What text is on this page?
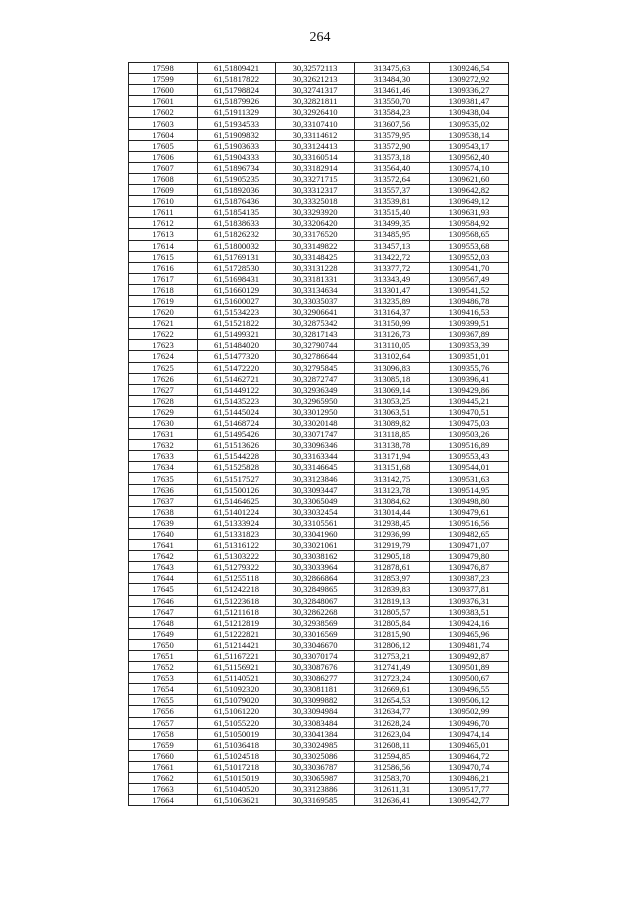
264
17598	61,51809421	30,32572113	313475,63	1309246,54
17599	61,51817822	30,32621213	313484,30	1309272,92
17600	61,51798824	30,32741317	313461,46	1309336,27
17601	61,51879926	30,32821811	313550,70	1309381,47
17602	61,51911329	30,32926410	313584,23	1309438,04
17603	61,51934533	30,33107410	313607,56	1309535,02
17604	61,51909832	30,33114612	313579,95	1309538,14
17605	61,51903633	30,33124413	313572,90	1309543,17
17606	61,51904333	30,33160514	313573,18	1309562,40
17607	61,51896734	30,33182914	313564,40	1309574,10
17608	61,51905235	30,33271715	313572,64	1309621,60
17609	61,51892036	30,33312317	313557,37	1309642,82
17610	61,51876436	30,33325018	313539,81	1309649,12
17611	61,51854135	30,33293920	313515,40	1309631,93
17612	61,51838633	30,33206420	313499,35	1309584,92
17613	61,51826232	30,33176520	313485,95	1309568,65
17614	61,51800032	30,33149822	313457,13	1309553,68
17615	61,51769131	30,33148425	313422,72	1309552,03
17616	61,51728530	30,33131228	313377,72	1309541,70
17617	61,51698431	30,33181331	313343,49	1309567,49
17618	61,51660129	30,33134634	313301,47	1309541,52
17619	61,51600027	30,33035037	313235,89	1309486,78
17620	61,51534223	30,32906641	313164,37	1309416,53
17621	61,51521822	30,32875342	313150,99	1309399,51
17622	61,51499321	30,32817143	313126,73	1309367,89
17623	61,51484020	30,32790744	313110,05	1309353,39
17624	61,51477320	30,32786644	313102,64	1309351,01
17625	61,51472220	30,32795845	313096,83	1309355,76
17626	61,51462721	30,32872747	313085,18	1309396,41
17627	61,51449122	30,32936349	313069,14	1309429,86
17628	61,51435223	30,32965950	313053,25	1309445,21
17629	61,51445024	30,33012950	313063,51	1309470,51
17630	61,51468724	30,33020148	313089,82	1309475,03
17631	61,51495426	30,33071747	313118,85	1309503,26
17632	61,51513626	30,33096346	313138,78	1309516,89
17633	61,51544228	30,33163344	313171,94	1309553,43
17634	61,51525828	30,33146645	313151,68	1309544,01
17635	61,51517527	30,33123846	313142,75	1309531,63
17636	61,51500126	30,33093447	313123,78	1309514,95
17637	61,51464625	30,33065049	313084,62	1309498,80
17638	61,51401224	30,33032454	313014,44	1309479,61
17639	61,51333924	30,33105561	312938,45	1309516,56
17640	61,51331823	30,33041960	312936,99	1309482,65
17641	61,51316122	30,33021061	312919,79	1309471,07
17642	61,51303222	30,33038162	312905,18	1309479,80
17643	61,51279322	30,33033964	312878,61	1309476,87
17644	61,51255118	30,32866864	312853,97	1309387,23
17645	61,51242218	30,32849865	312839,83	1309377,81
17646	61,51223618	30,32848067	312819,13	1309376,31
17647	61,51211618	30,32862268	312805,57	1309383,51
17648	61,51212819	30,32938569	312805,84	1309424,16
17649	61,51222821	30,33016569	312815,90	1309465,96
17650	61,51214421	30,33046670	312806,12	1309481,74
17651	61,51167221	30,33070174	312753,21	1309492,87
17652	61,51156921	30,33087676	312741,49	1309501,89
17653	61,51140521	30,33086277	312723,24	1309500,67
17654	61,51092320	30,33081181	312669,61	1309496,55
17655	61,51079020	30,33099882	312654,53	1309506,12
17656	61,51061220	30,33094984	312634,77	1309502,99
17657	61,51055220	30,33083484	312628,24	1309496,70
17658	61,51050019	30,33041384	312623,04	1309474,14
17659	61,51036418	30,33024985	312608,11	1309465,01
17660	61,51024518	30,33025086	312594,85	1309464,72
17661	61,51017218	30,33036787	312586,56	1309470,74
17662	61,51015019	30,33065987	312583,70	1309486,21
17663	61,51040520	30,33123886	312611,31	1309517,77
17664	61,51063621	30,33169585	312636,41	1309542,77
